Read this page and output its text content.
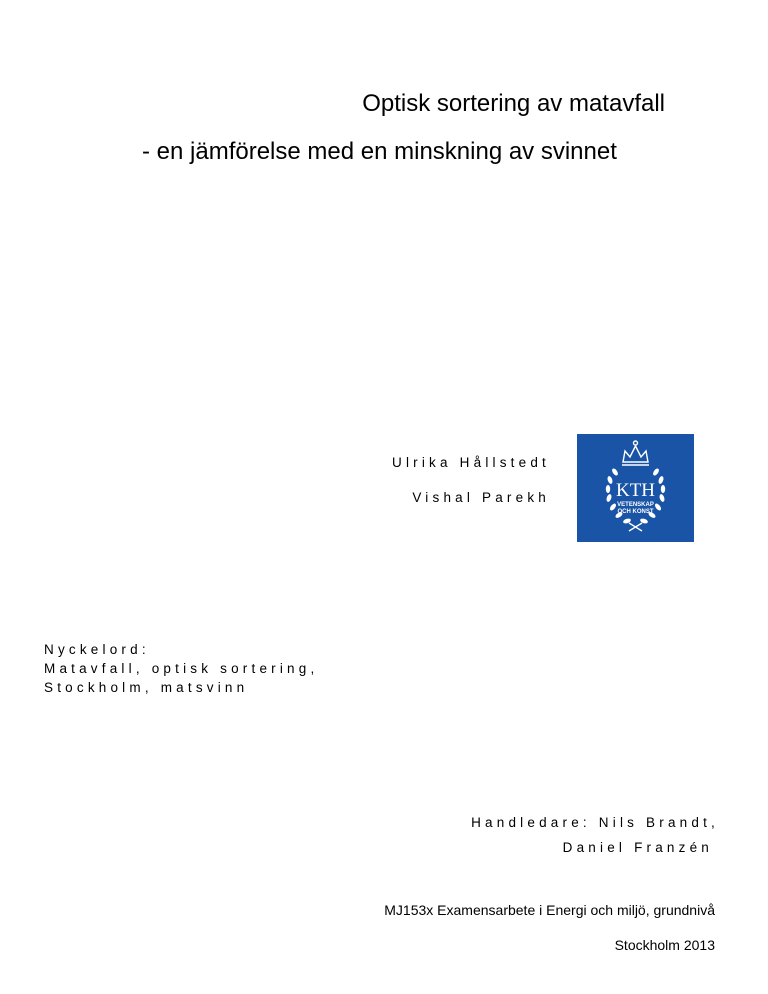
Optisk sortering av matavfall
- en jämförelse med en minskning av svinnet
Ulrika Hållstedt
Vishal Parekh	KTH
VETENSKAP
OCH KONST
Nyckelord:
Matavfall, optisk sortering,
Stockholm, matsvinn
Handledare: Nils Brandt,
Daniel Franzén
MJ153x Examensarbete i Energi och miljö, grundnivå
Stockholm 2013
